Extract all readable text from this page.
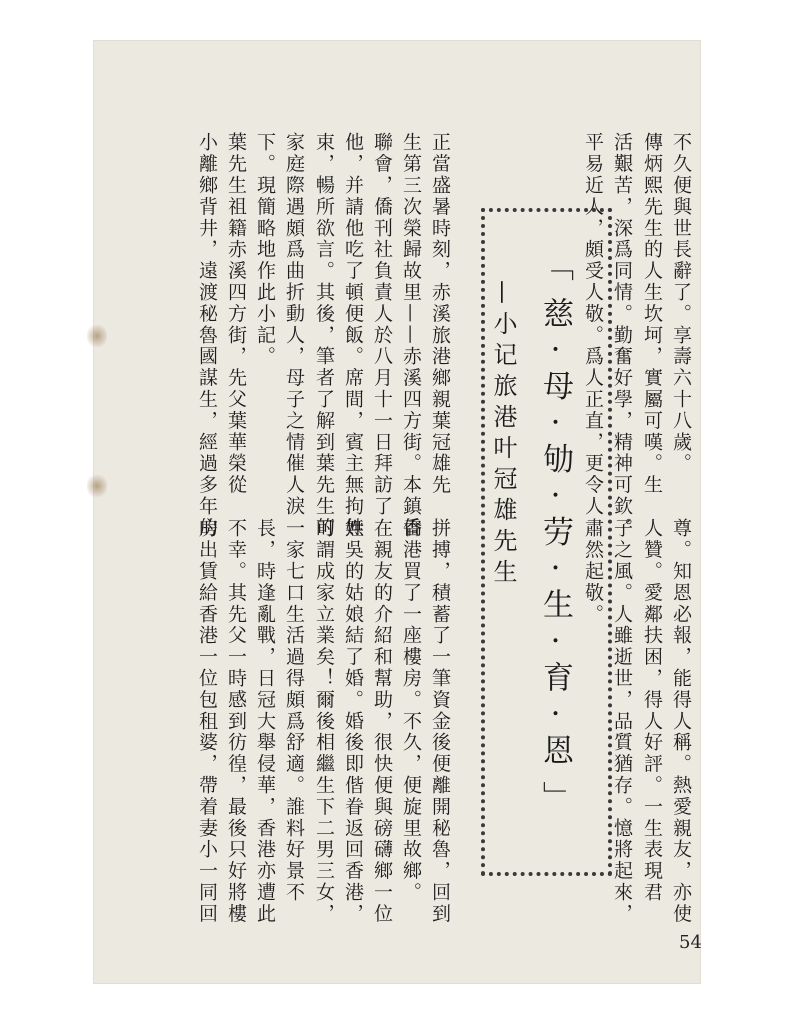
不久便與世長辭了。享壽六十八歲。
傳炳熙先生的人生坎坷，實屬可嘆。生
活艱苦，深爲同情。勤奮好學，精神可欽。
平易近人，頗受人敬。爲人正直，更令人
正當盛暑時刻，赤溪旅港鄉親葉冠雄先
生第三次榮歸故里——赤溪四方街。本鎮僑
聯會，僑刊社負責人於八月十一日拜訪了
他，并請他吃了頓便飯。席間，賓主無拘無
束，暢所欲言。其後，筆者了解到葉先生的
家庭際遇頗爲曲折動人，母子之情催人淚
下。現簡略地作此小記。
葉先生祖籍赤溪四方街，先父葉華榮從
小離鄉背井，遠渡秘魯國謀生，經過多年的
尊。知恩必報，能得人稱。熱愛親友，亦使
人贊。愛鄰扶困，得人好評。一生表現君
子之風。人雖逝世，品質猶存。憶將起來，
肅然起敬。
拼搏，積蓄了一筆資金後便離開秘魯，回到
香港買了一座樓房。不久，便旋里故鄉。
在親友的介紹和幫助，很快便與磅礴鄉一位
姓吳的姑娘結了婚。婚後即偕眷返回香港，
可謂成家立業矣！爾後相繼生下二男三女，
一家七口生活過得頗爲舒適。誰料好景不
長，時逢亂戰，日冠大舉侵華，香港亦遭此
不幸。其先父一時感到彷徨，最後只好將樓
房出賃給香港一位包租婆，帶着妻小一同回	「慈·母·劬·劳·生·育·恩」
—小记旅港叶冠雄先生
54
